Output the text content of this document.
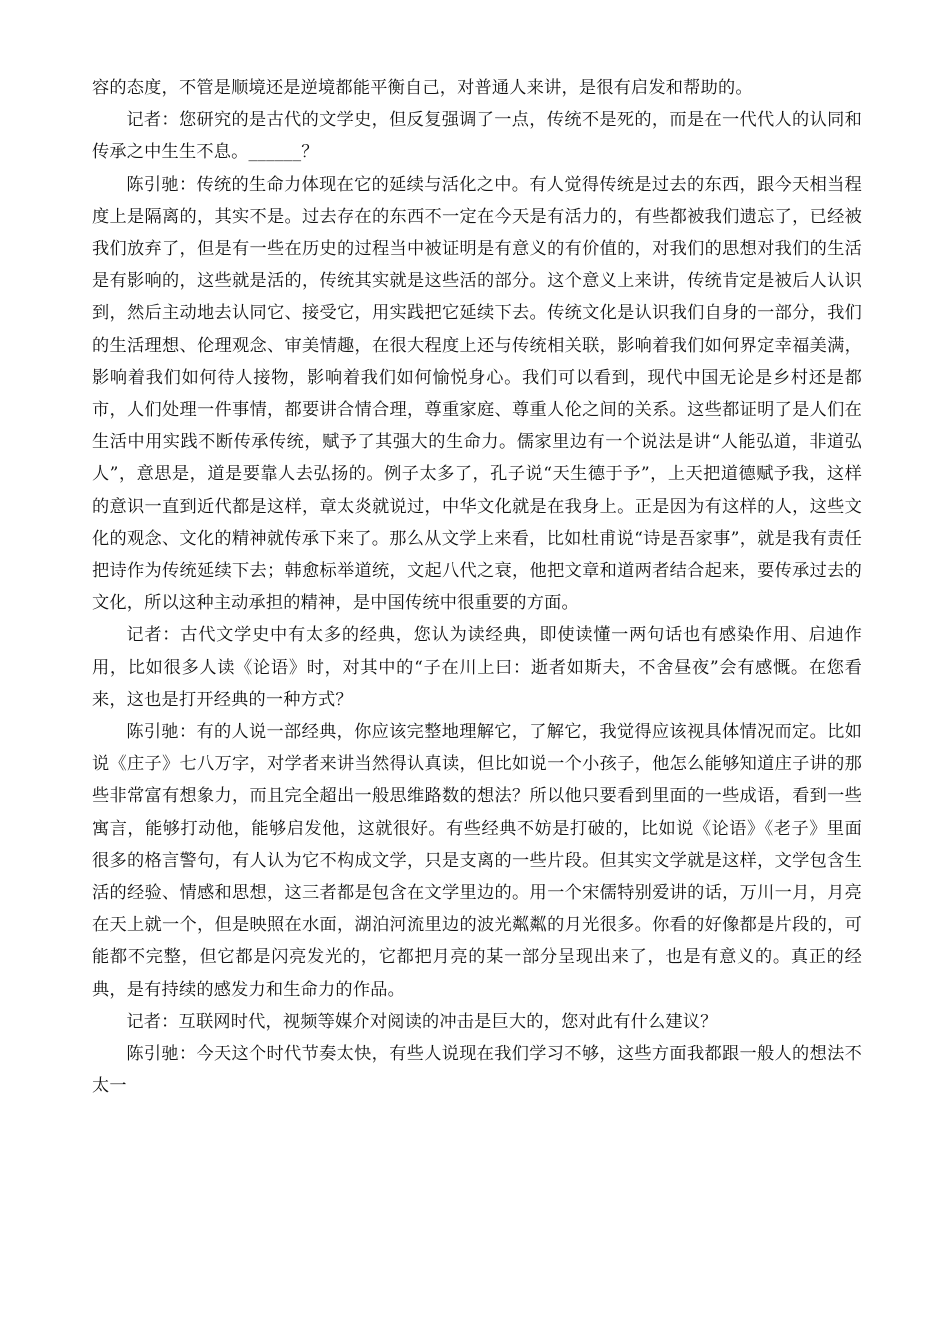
容的态度，不管是顺境还是逆境都能平衡自己，对普通人来讲，是很有启发和帮助的。

记者：您研究的是古代的文学史，但反复强调了一点，传统不是死的，而是在一代代人的认同和传承之中生生不息。______？

陈引驰：传统的生命力体现在它的延续与活化之中。有人觉得传统是过去的东西，跟今天相当程度上是隔离的，其实不是。过去存在的东西不一定在今天是有活力的，有些都被我们遗忘了，已经被我们放弃了，但是有一些在历史的过程当中被证明是有意义的有价值的，对我们的思想对我们的生活是有影响的，这些就是活的，传统其实就是这些活的部分。这个意义上来讲，传统肯定是被后人认识到，然后主动地去认同它、接受它，用实践把它延续下去。传统文化是认识我们自身的一部分，我们的生活理想、伦理观念、审美情趣，在很大程度上还与传统相关联，影响着我们如何界定幸福美满，影响着我们如何待人接物，影响着我们如何愉悦身心。我们可以看到，现代中国无论是乡村还是都市，人们处理一件事情，都要讲合情合理，尊重家庭、尊重人伦之间的关系。这些都证明了是人们在生活中用实践不断传承传统，赋予了其强大的生命力。儒家里边有一个说法是讲“人能弘道，非道弘人”，意思是，道是要靠人去弘扬的。例子太多了，孔子说“天生德于予”，上天把道德赋予我，这样的意识一直到近代都是这样，章太炎就说过，中华文化就是在我身上。正是因为有这样的人，这些文化的观念、文化的精神就传承下来了。那么从文学上来看，比如杜甫说“诗是吾家事”，就是我有责任把诗作为传统延续下去；韩愈标举道统，文起八代之衰，他把文章和道两者结合起来，要传承过去的文化，所以这种主动承担的精神，是中国传统中很重要的方面。

记者：古代文学史中有太多的经典，您认为读经典，即使读懂一两句话也有感染作用、启迪作用，比如很多人读《论语》时，对其中的“子在川上曰：逝者如斯夫，不舍昼夜”会有感慨。在您看来，这也是打开经典的一种方式？

陈引驰：有的人说一部经典，你应该完整地理解它，了解它，我觉得应该视具体情况而定。比如说《庄子》七八万字，对学者来讲当然得认真读，但比如说一个小孩子，他怎么能够知道庄子讲的那些非常富有想象力，而且完全超出一般思维路数的想法？所以他只要看到里面的一些成语，看到一些寓言，能够打动他，能够启发他，这就很好。有些经典不妨是打破的，比如说《论语》《老子》里面很多的格言警句，有人认为它不构成文学，只是支离的一些片段。但其实文学就是这样，文学包含生活的经验、情感和思想，这三者都是包含在文学里边的。用一个宋儒特别爱讲的话，万川一月，月亮在天上就一个，但是映照在水面，湖泊河流里边的波光粼粼的月光很多。你看的好像都是片段的，可能都不完整，但它都是闪亮发光的，它都把月亮的某一部分呈现出来了，也是有意义的。真正的经典，是有持续的感发力和生命力的作品。

记者：互联网时代，视频等媒介对阅读的冲击是巨大的，您对此有什么建议？

陈引驰：今天这个时代节奏太快，有些人说现在我们学习不够，这些方面我都跟一般人的想法不太一
